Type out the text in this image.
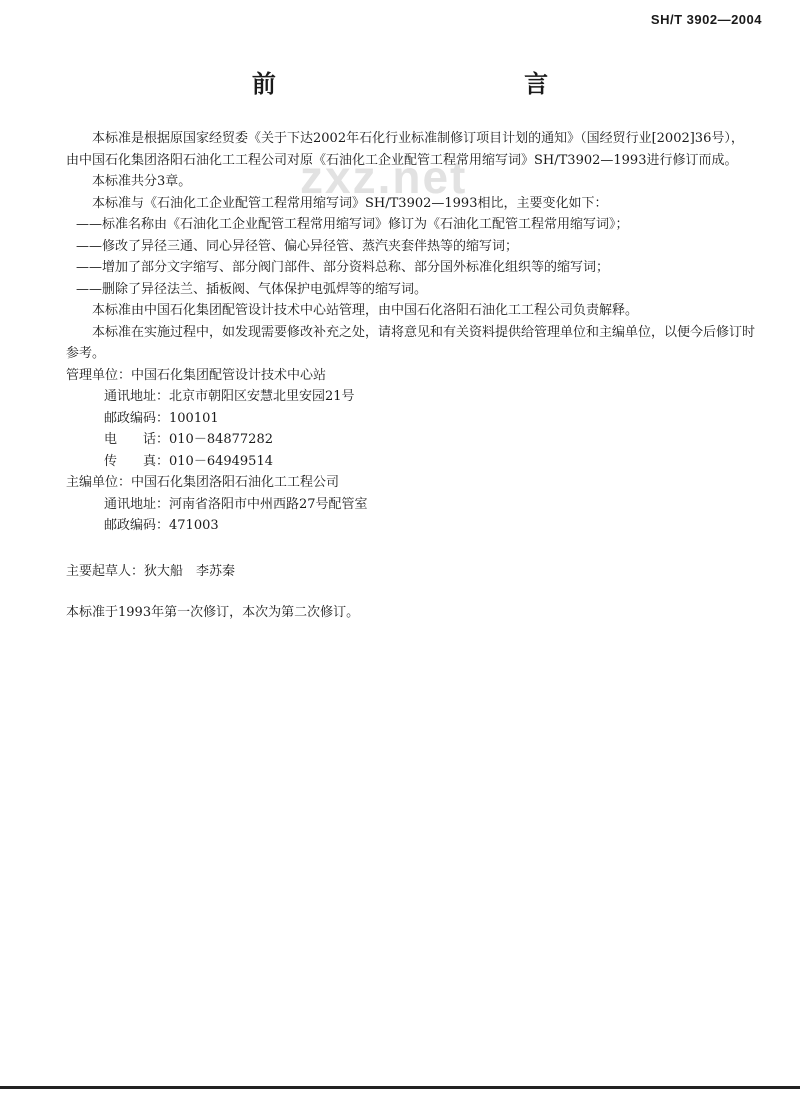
SH/T 3902—2004
前 言
zxz.net

本标准是根据原国家经贸委《关于下达2002年石化行业标准制修订项目计划的通知》（国经贸行业[2002]36号），由中国石化集团洛阳石油化工工程公司对原《石油化工企业配管工程常用缩写词》SH/T3902—1993进行修订而成。

本标准共分3章。

本标准与《石油化工企业配管工程常用缩写词》SH/T3902—1993相比，主要变化如下：

——标准名称由《石油化工企业配管工程常用缩写词》修订为《石油化工配管工程常用缩写词》；

——修改了异径三通、同心异径管、偏心异径管、蒸汽夹套伴热等的缩写词；

——增加了部分文字缩写、部分阀门部件、部分资料总称、部分国外标准化组织等的缩写词；

——删除了异径法兰、插板阀、气体保护电弧焊等的缩写词。

本标准由中国石化集团配管设计技术中心站管理，由中国石化洛阳石油化工工程公司负责解释。

本标准在实施过程中，如发现需要修改补充之处，请将意见和有关资料提供给管理单位和主编单位，以便今后修订时参考。

管理单位：中国石化集团配管设计技术中心站

通讯地址：北京市朝阳区安慧北里安园21号

邮政编码：100101

电　　话：010－84877282

传　　真：010－64949514

主编单位：中国石化集团洛阳石油化工工程公司

通讯地址：河南省洛阳市中州西路27号配管室

邮政编码：471003

主要起草人：狄大船　李苏秦

本标准于1993年第一次修订，本次为第二次修订。
